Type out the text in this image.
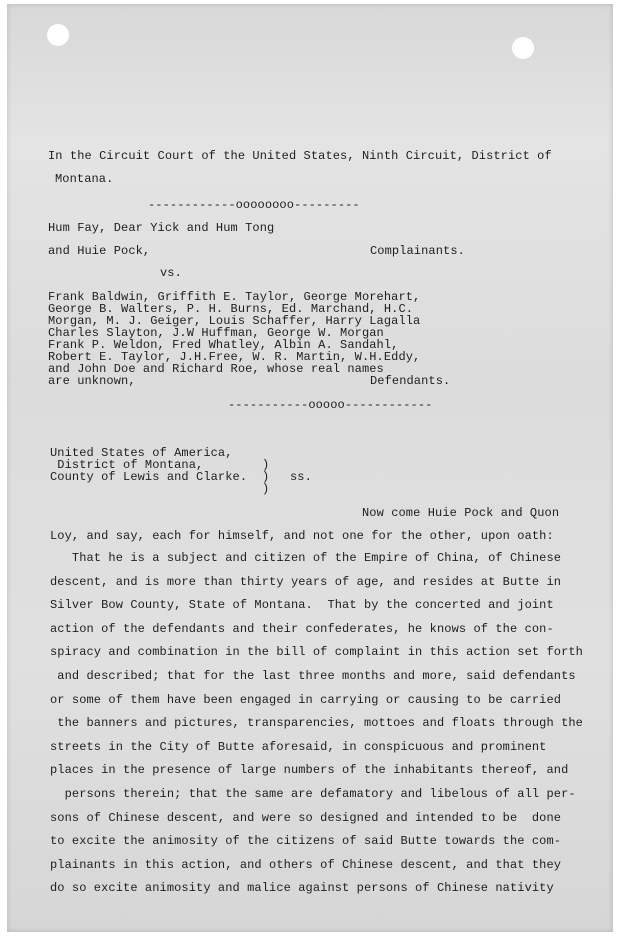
In the Circuit Court of the United States, Ninth Circuit, District of
Montana.
------------oooooooo---------
Hum Fay, Dear Yick and Hum Tong
and Huie Pock,	Complainants.
vs.
Frank Baldwin, Griffith E. Taylor, George Morehart,
George B. Walters, P. H. Burns, Ed. Marchand, H.C.
Morgan, M. J. Geiger, Louis Schaffer, Harry Lagalla
Charles Slayton, J.W Huffman, George W. Morgan
Frank P. Weldon, Fred Whatley, Albin A. Sandahl,
Robert E. Taylor, J.H.Free, W. R. Martin, W.H.Eddy,
and John Doe and Richard Roe, whose real names
are unknown,	Defendants.
-----------ooooo------------
United States of America,
District of Montana,
County of Lewis and Clarke.
)
)
)
ss.
Now come Huie Pock and Quon
Loy, and say, each for himself, and not one for the other, upon oath:
That he is a subject and citizen of the Empire of China, of Chinese
descent, and is more than thirty years of age, and resides at Butte in
Silver Bow County, State of Montana.  That by the concerted and joint
action of the defendants and their confederates, he knows of the con-
spiracy and combination in the bill of complaint in this action set forth
and described; that for the last three months and more, said defendants
or some of them have been engaged in carrying or causing to be carried
the banners and pictures, transparencies, mottoes and floats through the
streets in the City of Butte aforesaid, in conspicuous and prominent
places in the presence of large numbers of the inhabitants thereof, and
persons therein; that the same are defamatory and libelous of all per-
sons of Chinese descent, and were so designed and intended to be  done
to excite the animosity of the citizens of said Butte towards the com-
plainants in this action, and others of Chinese descent, and that they
do so excite animosity and malice against persons of Chinese nativity
